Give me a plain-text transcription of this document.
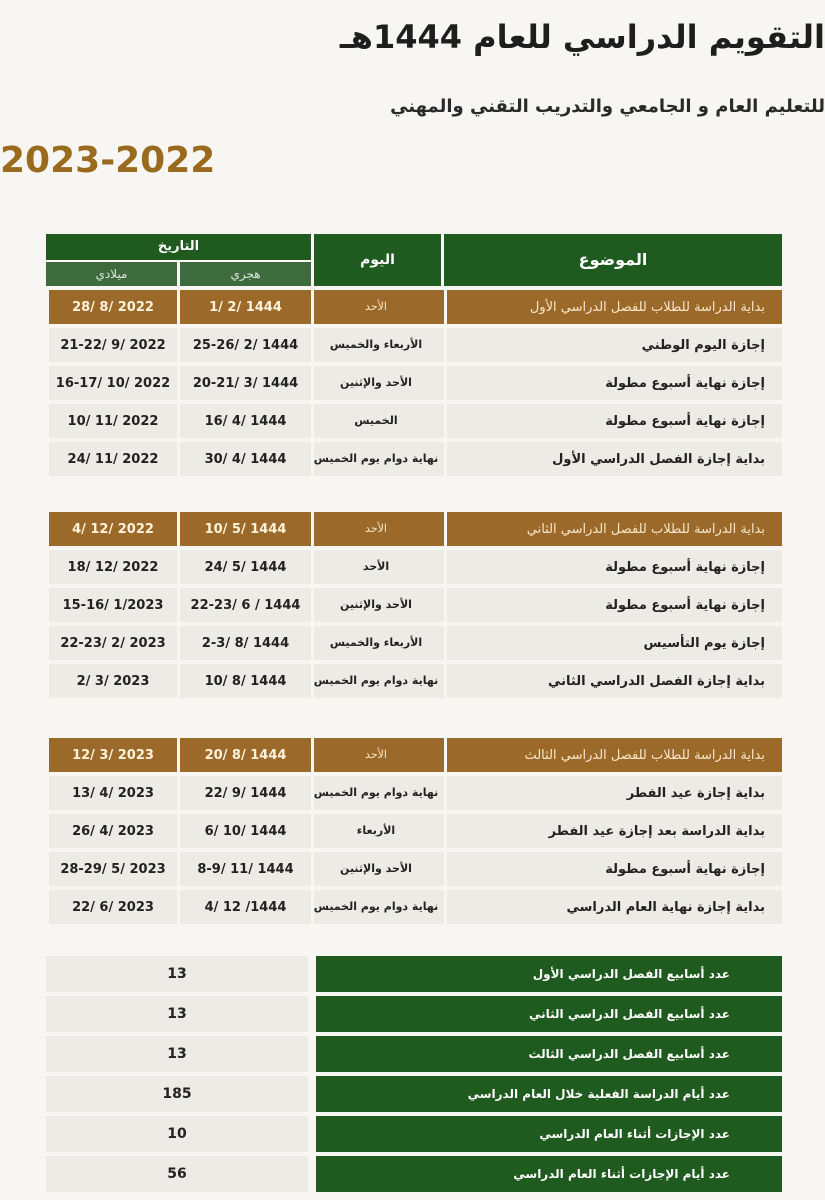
التقويم الدراسي للعام 1444هـ
للتعليم العام و الجامعي والتدريب التقني والمهني
2023-2022
الموضوع
اليوم
التاريخ
هجري
ميلادي
28/ 8/ 2022	1/ 2/ 1444	الأحد	بداية الدراسة للطلاب للفصل الدراسي الأول
21-22/ 9/ 2022	25-26/ 2/ 1444	الأربعاء والخميس	إجازة اليوم الوطني
16-17/ 10/ 2022	20-21/ 3/ 1444	الأحد والإثنين	إجازة نهاية أسبوع مطولة
10/ 11/ 2022	16/ 4/ 1444	الخميس	إجازة نهاية أسبوع مطولة
24/ 11/ 2022	30/ 4/ 1444	نهاية دوام يوم الخميس	بداية إجازة الفصل الدراسي الأول
4/ 12/ 2022	10/ 5/ 1444	الأحد	بداية الدراسة للطلاب للفصل الدراسي الثاني
18/ 12/ 2022	24/ 5/ 1444	الأحد	إجازة نهاية أسبوع مطولة
15-16/ 1/2023	22-23/ 6 / 1444	الأحد والإثنين	إجازة نهاية أسبوع مطولة
22-23/ 2/ 2023	2-3/ 8/ 1444	الأربعاء والخميس	إجازة يوم التأسيس
2/ 3/ 2023	10/ 8/ 1444	نهاية دوام يوم الخميس	بداية إجازة الفصل الدراسي الثاني
12/ 3/ 2023	20/ 8/ 1444	الأحد	بداية الدراسة للطلاب للفصل الدراسي الثالث
13/ 4/ 2023	22/ 9/ 1444	نهاية دوام يوم الخميس	بداية إجازة عيد الفطر
26/ 4/ 2023	6/ 10/ 1444	الأربعاء	بداية الدراسة بعد إجازة عيد الفطر
28-29/ 5/ 2023	8-9/ 11/ 1444	الأحد والإثنين	إجازة نهاية أسبوع مطولة
22/ 6/ 2023	4/ 12 /1444	نهاية دوام يوم الخميس	بداية إجازة نهاية العام الدراسي
13	عدد أسابيع الفصل الدراسي الأول
13	عدد أسابيع الفصل الدراسي الثاني
13	عدد أسابيع الفصل الدراسي الثالث
185	عدد أيام الدراسة الفعلية خلال العام الدراسي
10	عدد الإجازات أثناء العام الدراسي
56	عدد أيام الإجازات أثناء العام الدراسي
